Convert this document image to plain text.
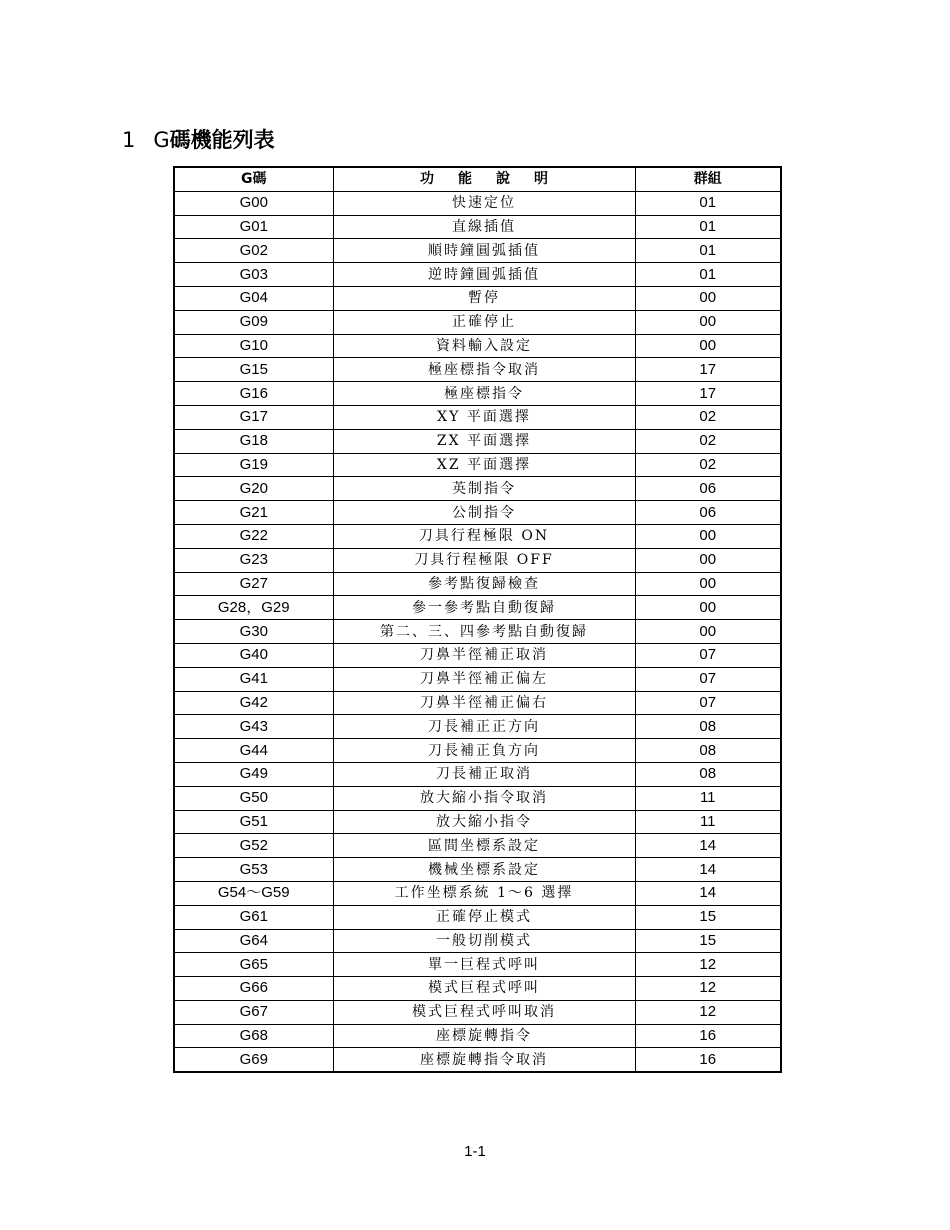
1 G碼機能列表
G碼	功能說明	群組
G00	快速定位	01
G01	直線插值	01
G02	順時鐘圓弧插值	01
G03	逆時鐘圓弧插值	01
G04	暫停	00
G09	正確停止	00
G10	資料輸入設定	00
G15	極座標指令取消	17
G16	極座標指令	17
G17	XY 平面選擇	02
G18	ZX 平面選擇	02
G19	XZ 平面選擇	02
G20	英制指令	06
G21	公制指令	06
G22	刀具行程極限 ON	00
G23	刀具行程極限 OFF	00
G27	參考點復歸檢查	00
G28，G29	參一參考點自動復歸	00
G30	第二、三、四參考點自動復歸	00
G40	刀鼻半徑補正取消	07
G41	刀鼻半徑補正偏左	07
G42	刀鼻半徑補正偏右	07
G43	刀長補正正方向	08
G44	刀長補正負方向	08
G49	刀長補正取消	08
G50	放大縮小指令取消	11
G51	放大縮小指令	11
G52	區間坐標系設定	14
G53	機械坐標系設定	14
G54～G59	工作坐標系統 1～6 選擇	14
G61	正確停止模式	15
G64	一般切削模式	15
G65	單一巨程式呼叫	12
G66	模式巨程式呼叫	12
G67	模式巨程式呼叫取消	12
G68	座標旋轉指令	16
G69	座標旋轉指令取消	16
1-1
